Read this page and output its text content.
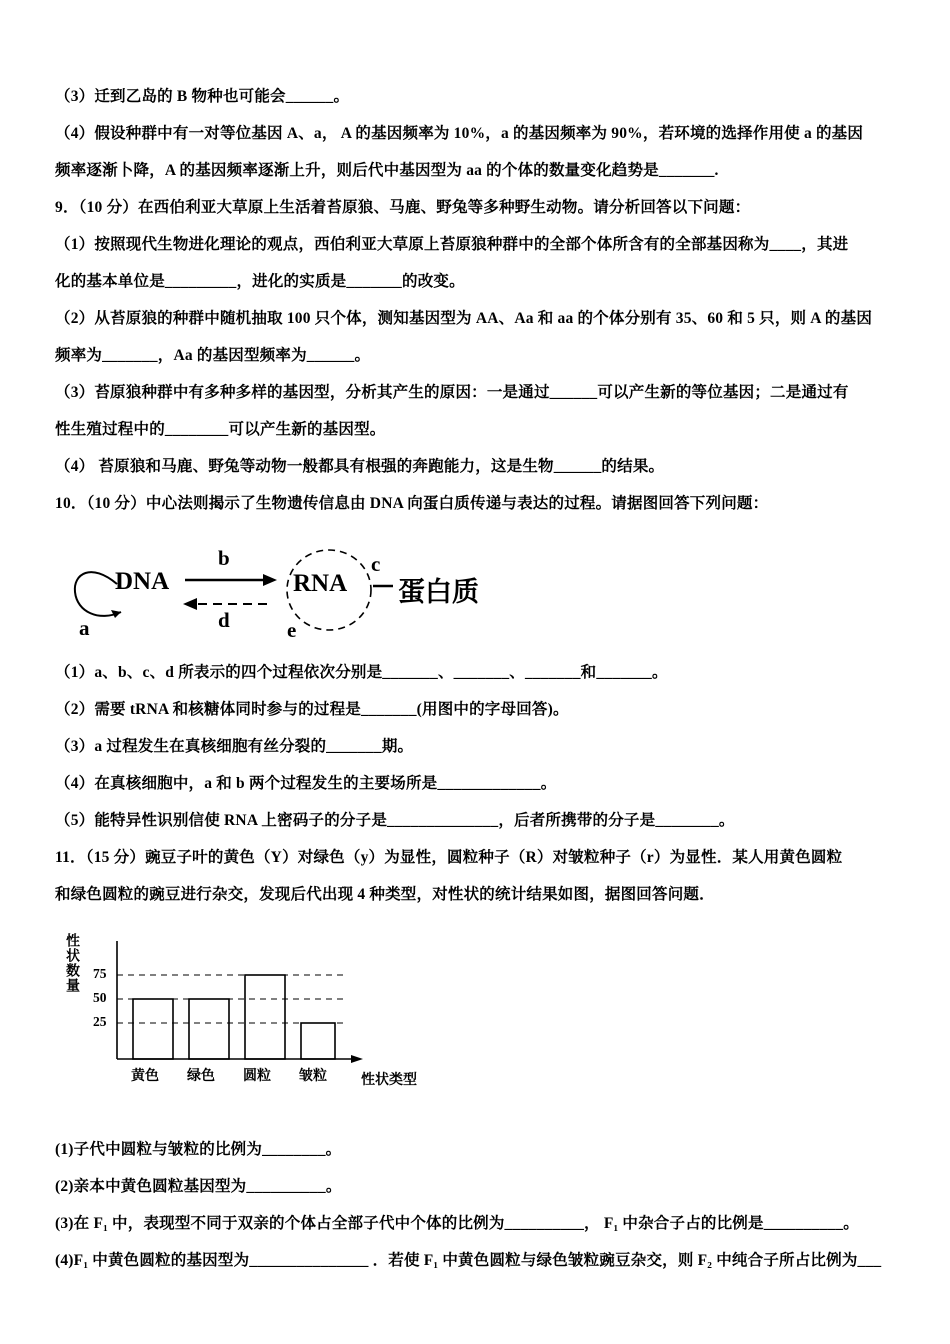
（3）迁到乙岛的 B 物种也可能会______。

（4）假设种群中有一对等位基因 A、a， A 的基因频率为 10%，a 的基因频率为 90%，若环境的选择作用使 a 的基因

频率逐渐卜降，A 的基因频率逐渐上升，则后代中基因型为 aa 的个体的数量变化趋势是_______.

9．（10 分）在西伯利亚大草原上生活着苔原狼、马鹿、野兔等多种野生动物。请分析回答以下问题：

（1）按照现代生物进化理论的观点，西伯利亚大草原上苔原狼种群中的全部个体所含有的全部基因称为____，其进

化的基本单位是_________，进化的实质是_______的改变。

（2）从苔原狼的种群中随机抽取 100 只个体，测知基因型为 AA、Aa 和 aa 的个体分别有 35、60 和 5 只，则 A 的基因

频率为_______，Aa 的基因型频率为______。

（3）苔原狼种群中有多种多样的基因型，分析其产生的原因：一是通过______可以产生新的等位基因；二是通过有

性生殖过程中的________可以产生新的基因型。

（4） 苔原狼和马鹿、野兔等动物一般都具有根强的奔跑能力，这是生物______的结果。

10．（10 分）中心法则揭示了生物遗传信息由 DNA 向蛋白质传递与表达的过程。请据图回答下列问题：

DNA	RNA 蛋白质
b	c
d
a	e

（1）a、b、c、d 所表示的四个过程依次分别是_______、_______、_______和_______。

（2）需要 tRNA 和核糖体同时参与的过程是_______(用图中的字母回答)。

（3）a 过程发生在真核细胞有丝分裂的_______期。

（4）在真核细胞中，a 和 b 两个过程发生的主要场所是_____________。

（5）能特异性识别信使 RNA 上密码子的分子是______________，后者所携带的分子是________。

11．（15 分）豌豆子叶的黄色（Y）对绿色（y）为显性，圆粒种子（R）对皱粒种子（r）为显性．某人用黄色圆粒

和绿色圆粒的豌豆进行杂交，发现后代出现 4 种类型，对性状的统计结果如图，据图回答问题．

性状数量 75
50
25
黄色 绿色 圆粒 皱粒 性状类型

(1)子代中圆粒与皱粒的比例为________。

(2)亲本中黄色圆粒基因型为__________。

(3)在 F₁ 中，表现型不同于双亲的个体占全部子代中个体的比例为__________， F₁ 中杂合子占的比例是__________。

(4)F₁ 中黄色圆粒的基因型为_______________ ．若使 F₁ 中黄色圆粒与绿色皱粒豌豆杂交，则 F₂ 中纯合子所占比例为___
